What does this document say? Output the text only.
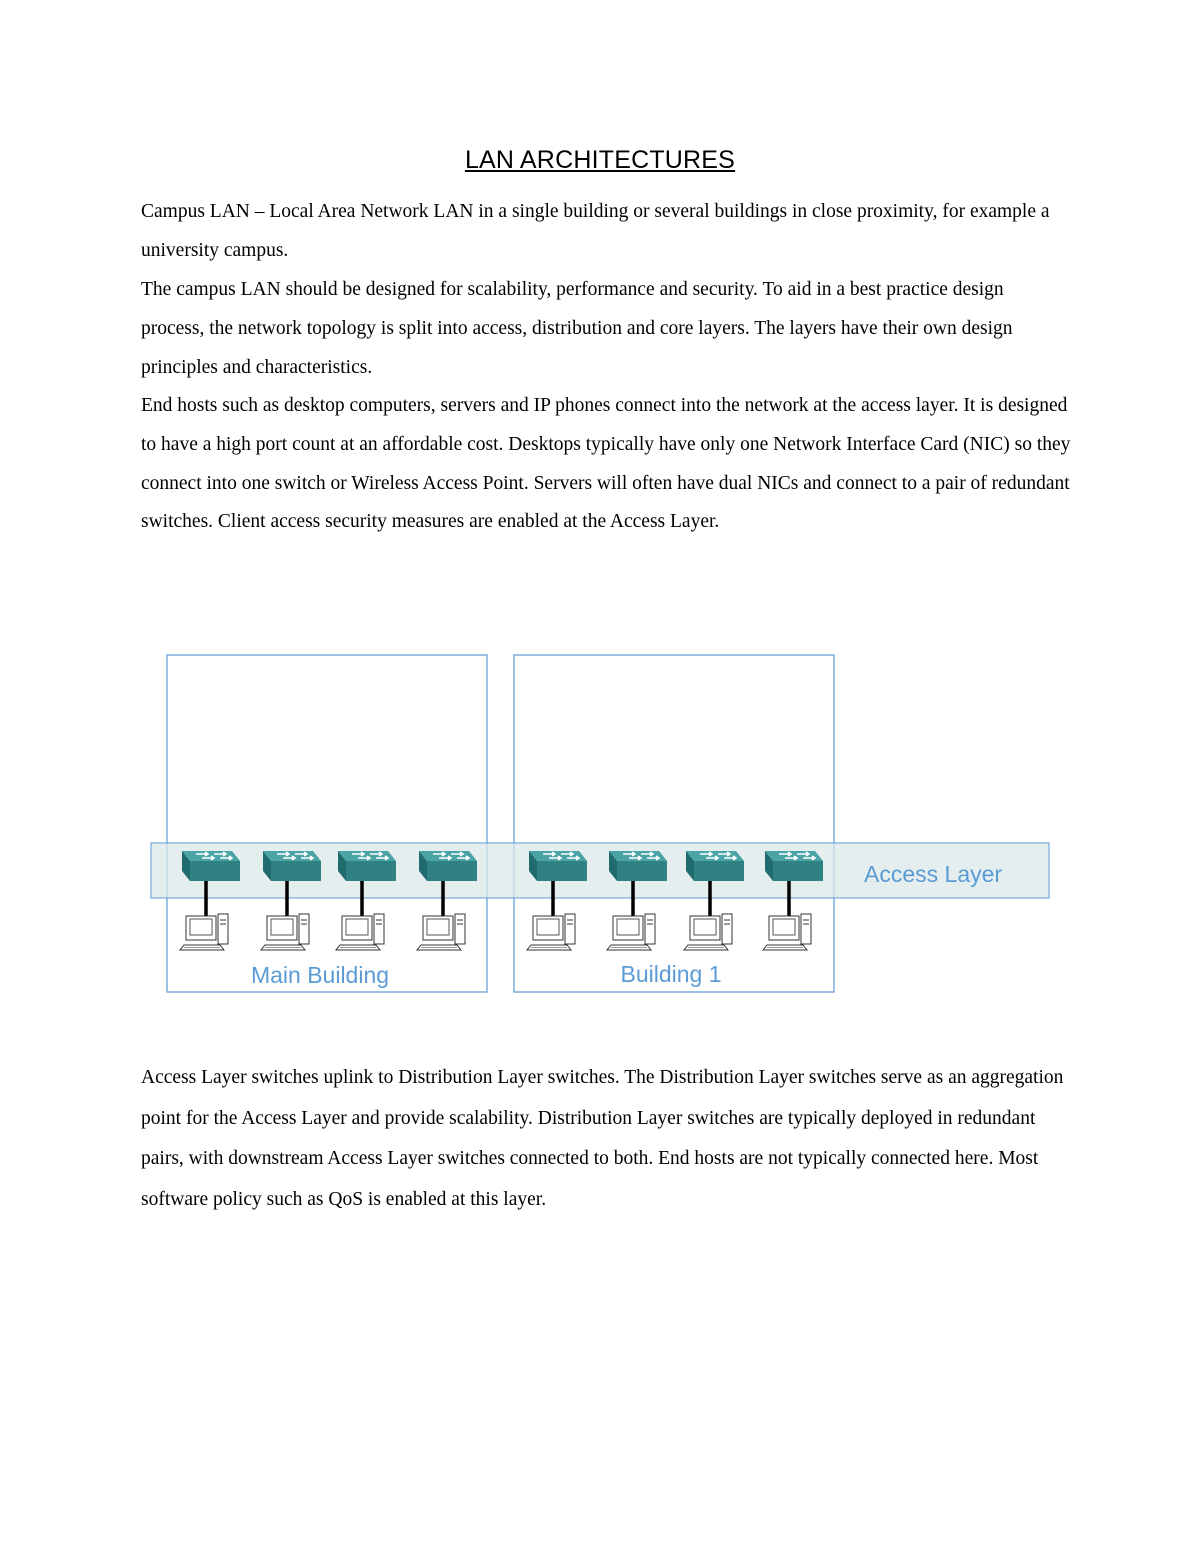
LAN ARCHITECTURES

Campus LAN – Local Area Network LAN in a single building or several buildings in close proximity, for example a university campus.

The campus LAN should be designed for scalability, performance and security. To aid in a best practice design process, the network topology is split into access, distribution and core layers. The layers have their own design principles and characteristics.

End hosts such as desktop computers, servers and IP phones connect into the network at the access layer. It is designed to have a high port count at an affordable cost. Desktops typically have only one Network Interface Card (NIC) so they connect into one switch or Wireless Access Point. Servers will often have dual NICs and connect to a pair of redundant switches. Client access security measures are enabled at the Access Layer.

Access Layer
Main Building	Building 1

Access Layer switches uplink to Distribution Layer switches. The Distribution Layer switches serve as an aggregation point for the Access Layer and provide scalability. Distribution Layer switches are typically deployed in redundant pairs, with downstream Access Layer switches connected to both. End hosts are not typically connected here. Most software policy such as QoS is enabled at this layer.
